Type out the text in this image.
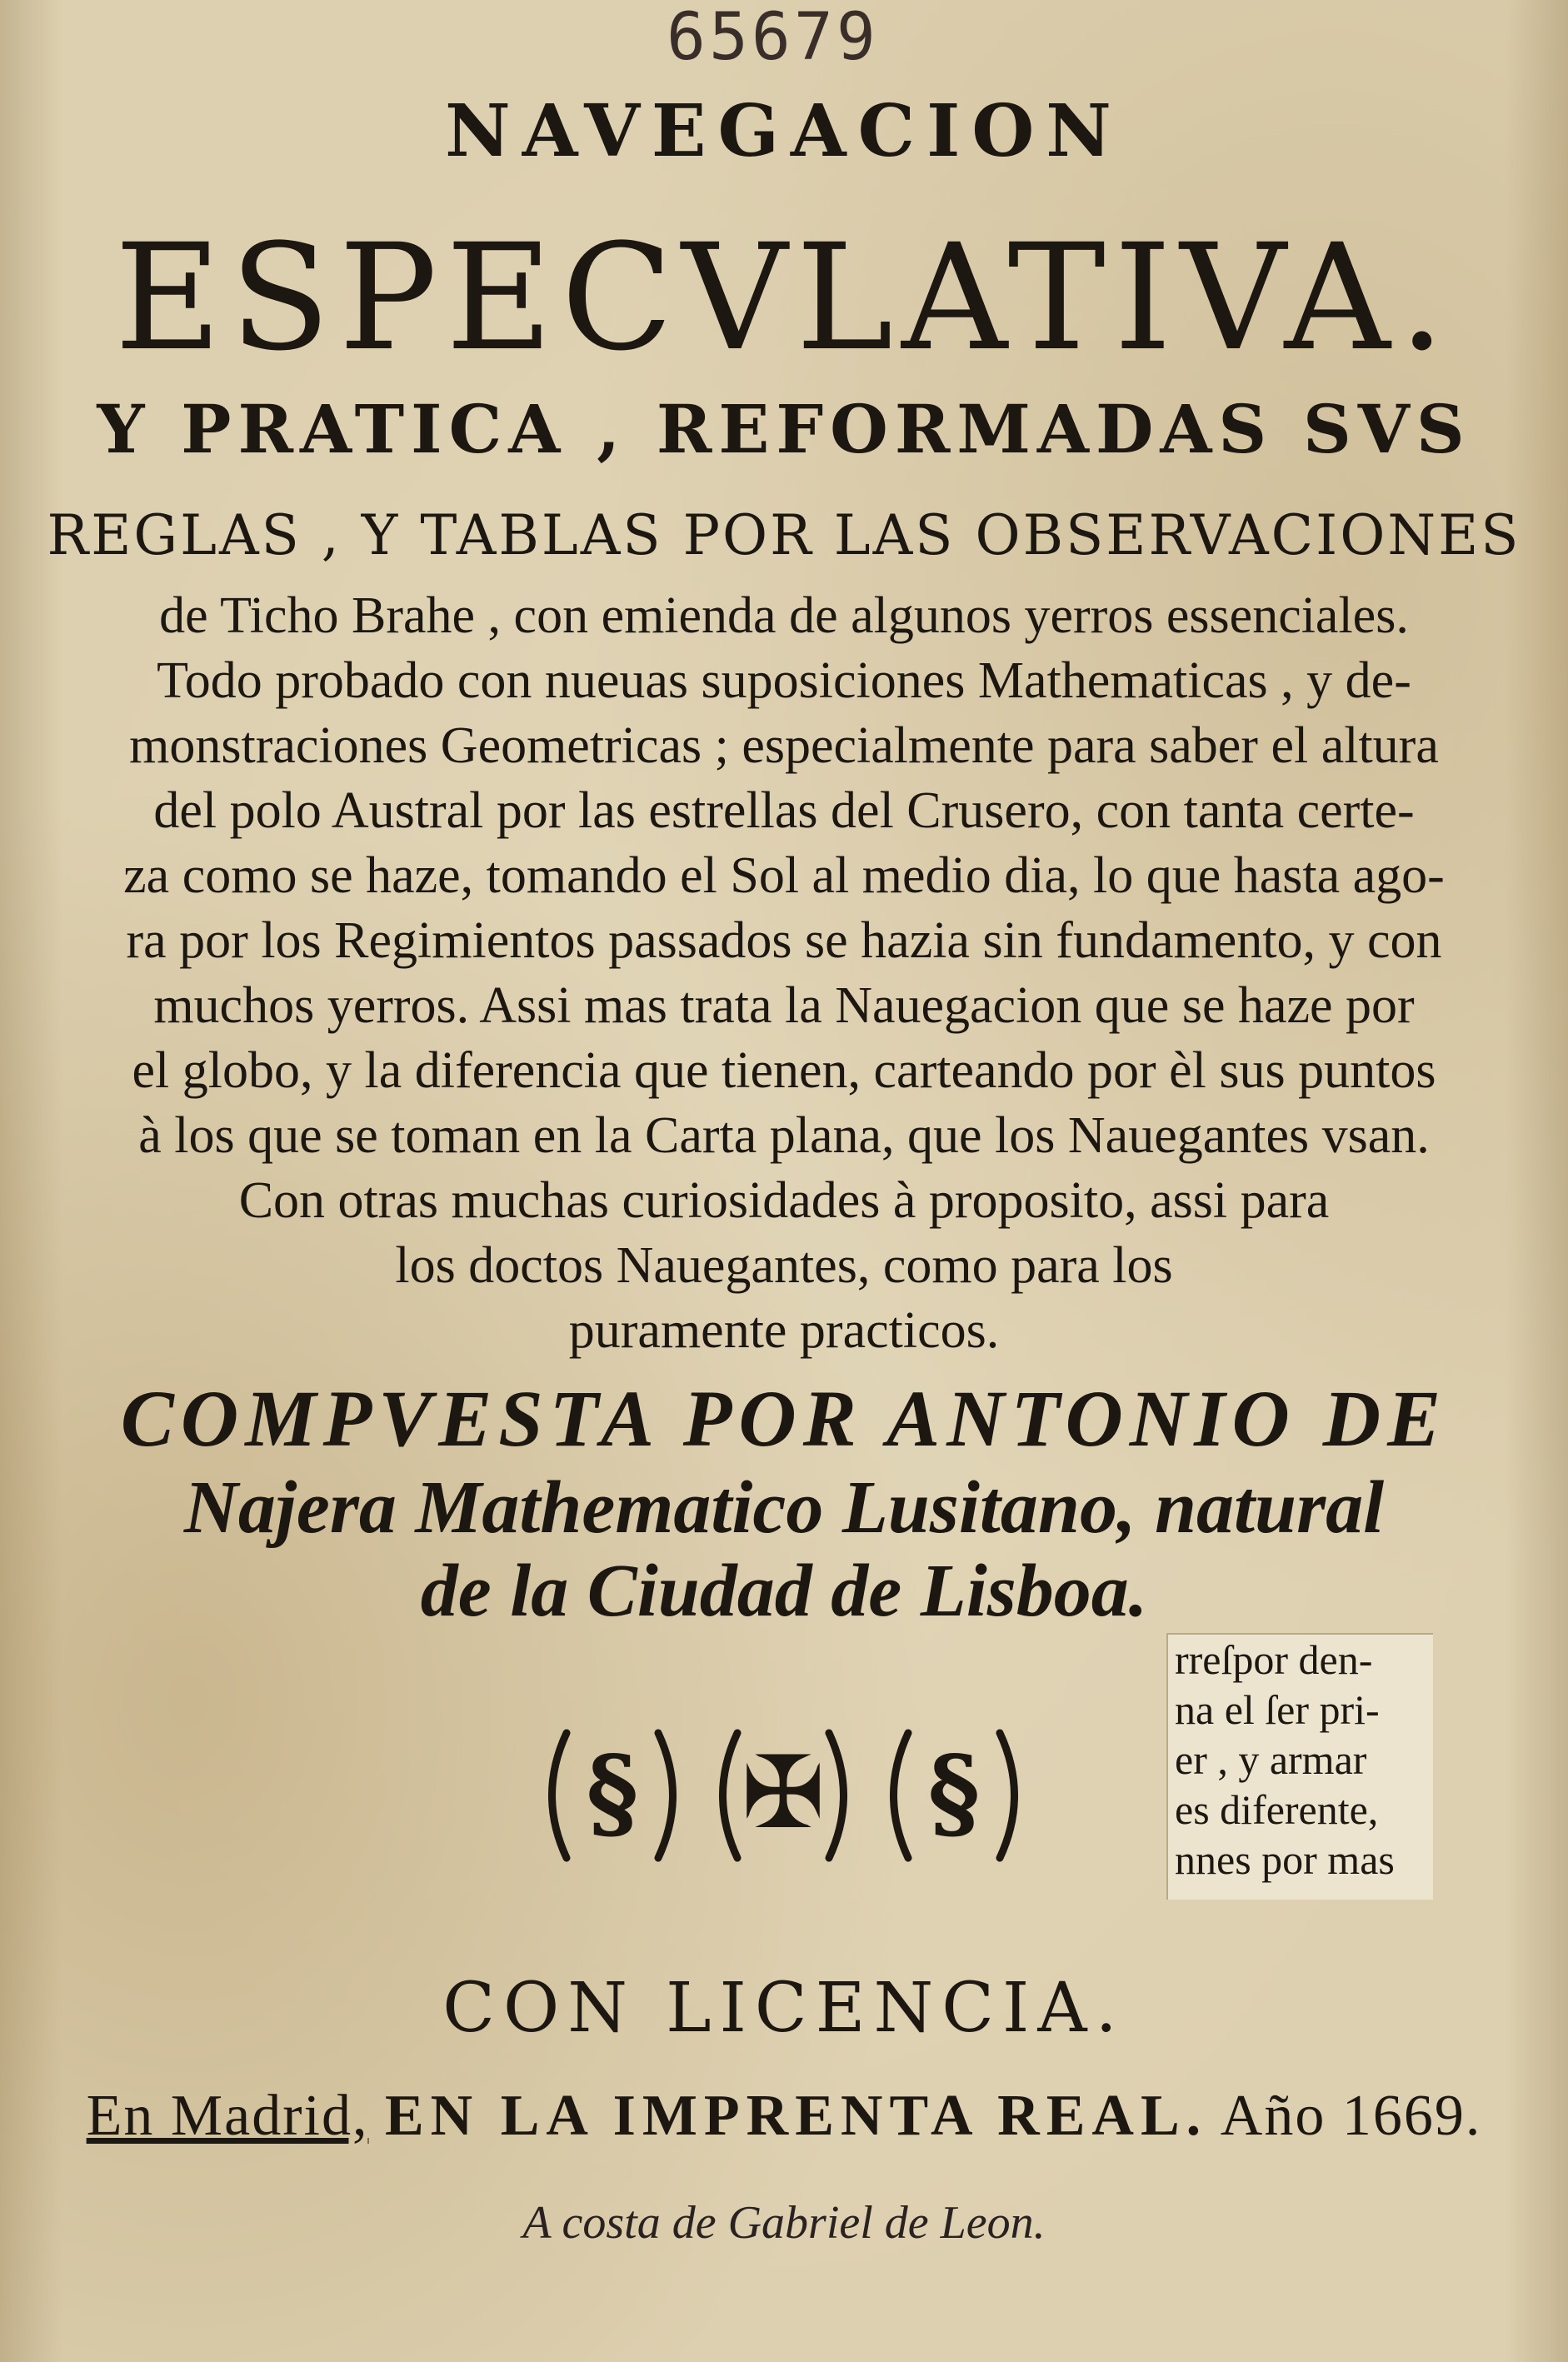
65679
NAVEGACION
ESPECVLATIVA.
Y PRATICA , REFORMADAS SVS
REGLAS , Y TABLAS POR LAS OBSERVACIONES
de Ticho Brahe , con emienda de algunos yerros essenciales.
Todo probado con nueuas suposiciones Mathematicas , y de-
monstraciones Geometricas ; especialmente para saber el altura
del polo Austral por las estrellas del Crusero, con tanta certe-
za como se haze, tomando el Sol al medio dia, lo que hasta ago-
ra por los Regimientos passados se hazia sin fundamento, y con
muchos yerros. Assi mas trata la Nauegacion que se haze por
el globo, y la diferencia que tienen, carteando por èl sus puntos
à los que se toman en la Carta plana, que los Nauegantes vsan.
Con otras muchas curiosidades à proposito, assi para
los doctos Nauegantes, como para los
puramente practicos.
COMPVESTA POR ANTONIO DE
Najera Mathematico Lusitano, natural
de la Ciudad de Lisboa.
rreſpor den-
na el ſer pri-
er , y armar
es diferente,
nnes por mas
§ ✠ §
CON LICENCIA.
En Madrid, EN LA IMPRENTA REAL. Año 1669.
A costa de Gabriel de Leon.
